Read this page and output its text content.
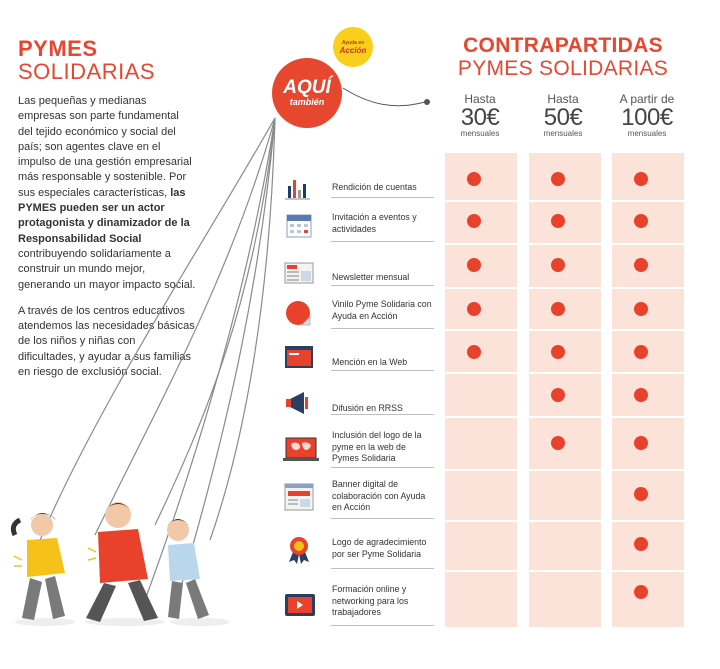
PYMES
SOLIDARIAS

Las pequeñas y medianas empresas son parte fundamental del tejido económico y social del país; son agentes clave en el impulso de una gestión empresarial más responsable y sostenible. Por sus especiales características, las PYMES pueden ser un actor protagonista y dinamizador de la Responsabilidad Social contribuyendo solidariamente a construir un mundo mejor, generando un mayor impacto social.

A través de los centros educativos atendemos las necesidades básicas de los niños y niñas con dificultades, y ayudar a sus familias en riesgo de exclusión social.

Ayuda en
Acción
AQUÍ
también
CONTRAPARTIDAS
PYMES SOLIDARIAS
Hasta
30€
mensuales
Hasta
50€
mensuales
A partir de
100€
mensuales
Rendición de cuentas
Invitación a eventos y actividades
Newsletter mensual
Vinilo Pyme Solidaria con Ayuda en Acción
Mención en la Web
Difusión en RRSS
Inclusión del logo de la pyme en la web de Pymes Solidaria
Banner digital de colaboración con Ayuda en Acción
Logo de agradecimiento por ser Pyme Solidaria
Formación online y networking para los trabajadores
